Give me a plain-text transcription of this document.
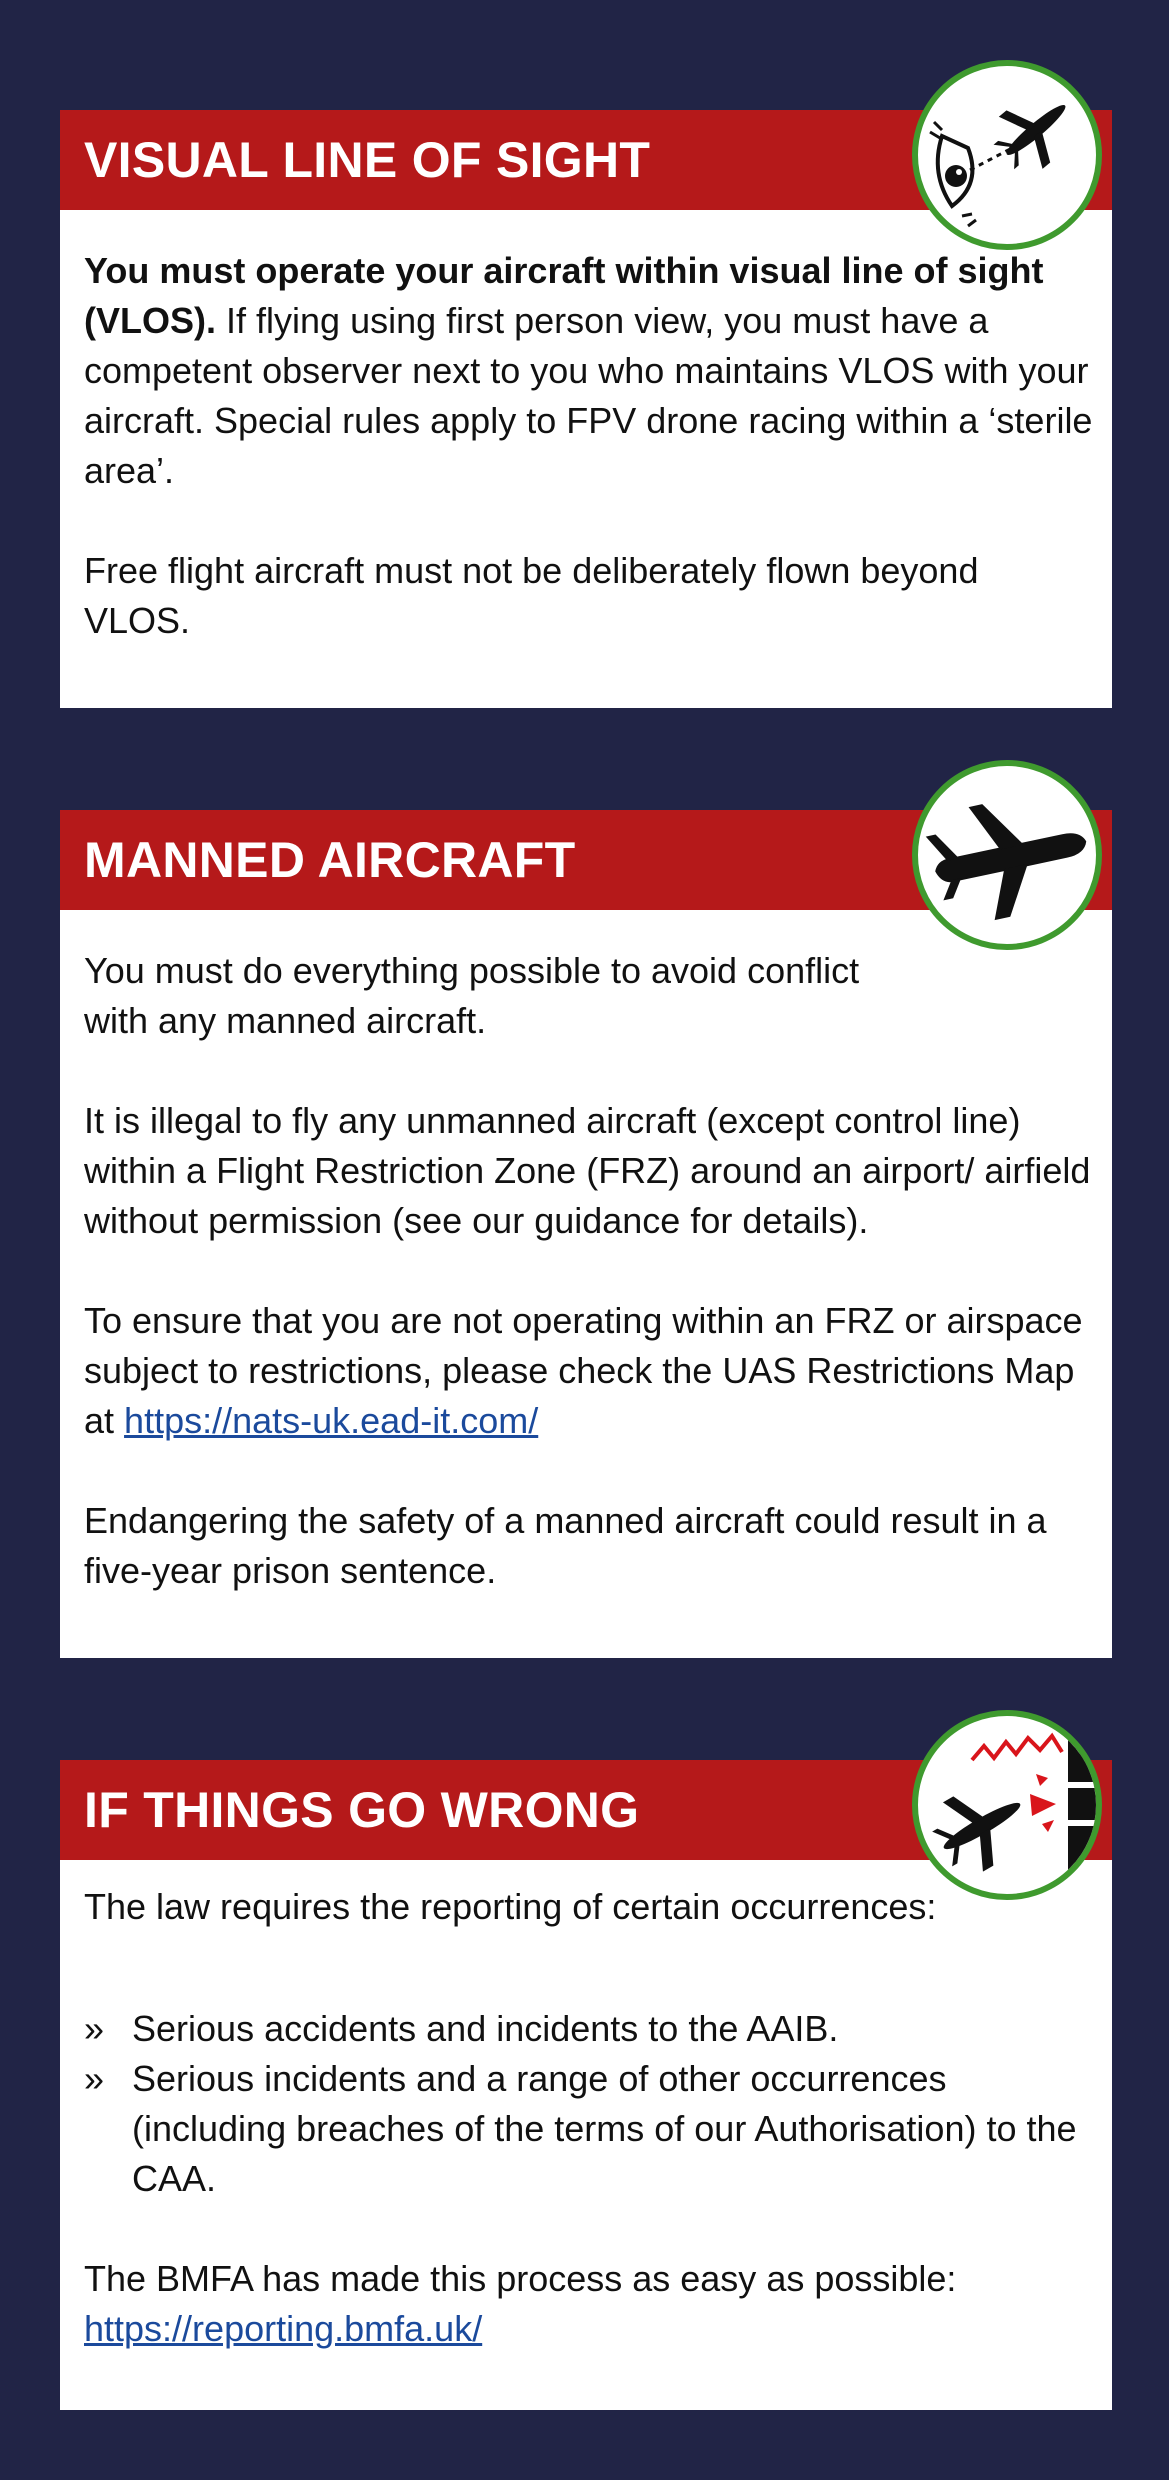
VISUAL LINE OF SIGHT

You must operate your aircraft within visual line of sight (VLOS). If flying using first person view, you must have a competent observer next to you who maintains VLOS with your aircraft. Special rules apply to FPV drone racing within a ‘sterile area’.

Free flight aircraft must not be deliberately flown beyond VLOS.

MANNED AIRCRAFT

You must do everything possible to avoid conflict with any manned aircraft.

It is illegal to fly any unmanned aircraft (except control line) within a Flight Restriction Zone (FRZ) around an airport/ airfield without permission (see our guidance for details).

To ensure that you are not operating within an FRZ or airspace subject to restrictions, please check the UAS Restrictions Map at https://nats-uk.ead-it.com/

Endangering the safety of a manned aircraft could result in a five-year prison sentence.

IF THINGS GO WRONG

The law requires the reporting of certain occurrences:

» Serious accidents and incidents to the AAIB.
» Serious incidents and a range of other occurrences (including breaches of the terms of our Authorisation) to the CAA.

The BMFA has made this process as easy as possible:

https://reporting.bmfa.uk/
